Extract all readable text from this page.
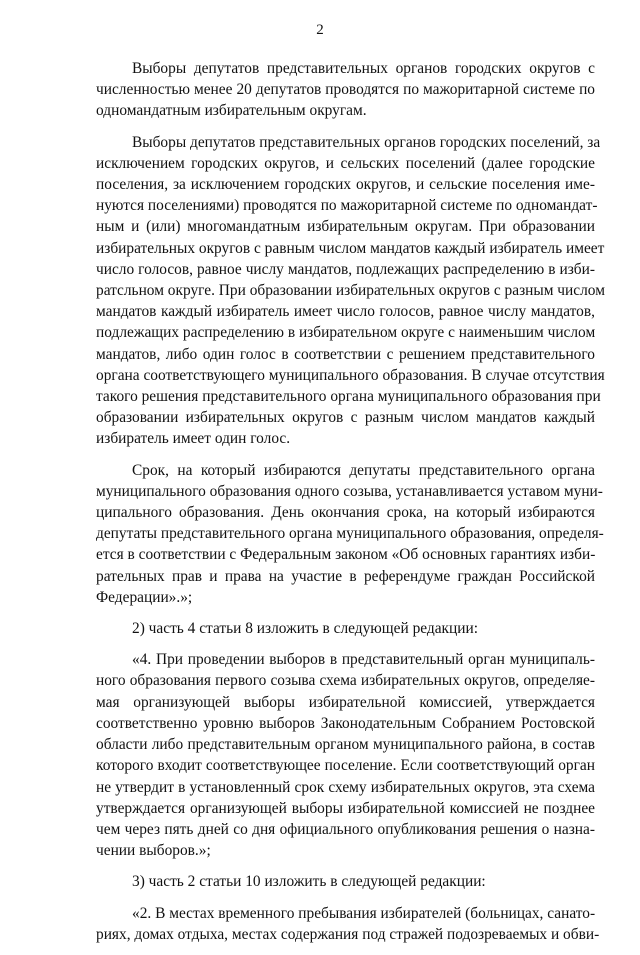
2

Выборы депутатов представительных органов городских округов с
численностью менее 20 депутатов проводятся по мажоритарной системе по
одномандатным избирательным округам.

Выборы депутатов представительных органов городских поселений, за
исключением городских округов, и сельских поселений (далее городские
поселения, за исключением городских округов, и сельские поселения име-
нуются поселениями) проводятся по мажоритарной системе по одномандат-
ным и (или) многомандатным избирательным округам. При образовании
избирательных округов с равным числом мандатов каждый избиратель имеет
число голосов, равное числу мандатов, подлежащих распределению в изби-
ратсльном округе. При образовании избирательных округов с разным числом
мандатов каждый избиратель имеет число голосов, равное числу мандатов,
подлежащих распределению в избирательном округе с наименьшим числом
мандатов, либо один голос в соответствии с решением представительного
органа соответствующего муниципального образования. В случае отсутствия
такого решения представительного органа муниципального образования при
образовании избирательных округов с разным числом мандатов каждый
избиратель имеет один голос.

Срок, на который избираются депутаты представительного органа
муниципального образования одного созыва, устанавливается уставом муни-
ципального образования. День окончания срока, на который избираются
депутаты представительного органа муниципального образования, определя-
ется в соответствии с Федеральным законом «Об основных гарантиях изби-
рательных прав и права на участие в референдуме граждан Российской
Федерации».»;

2) часть 4 статьи 8 изложить в следующей редакции:

«4. При проведении выборов в представительный орган муниципаль-
ного образования первого созыва схема избирательных округов, определяе-
мая организующей выборы избирательной комиссией, утверждается
соответственно уровню выборов Законодательным Собранием Ростовской
области либо представительным органом муниципального района, в состав
которого входит соответствующее поселение. Если соответствующий орган
не утвердит в установленный срок схему избирательных округов, эта схема
утверждается организующей выборы избирательной комиссией не позднее
чем через пять дней со дня официального опубликования решения о назна-
чении выборов.»;

3) часть 2 статьи 10 изложить в следующей редакции:

«2. В местах временного пребывания избирателей (больницах, санато-
риях, домах отдыха, местах содержания под стражей подозреваемых и обви-
